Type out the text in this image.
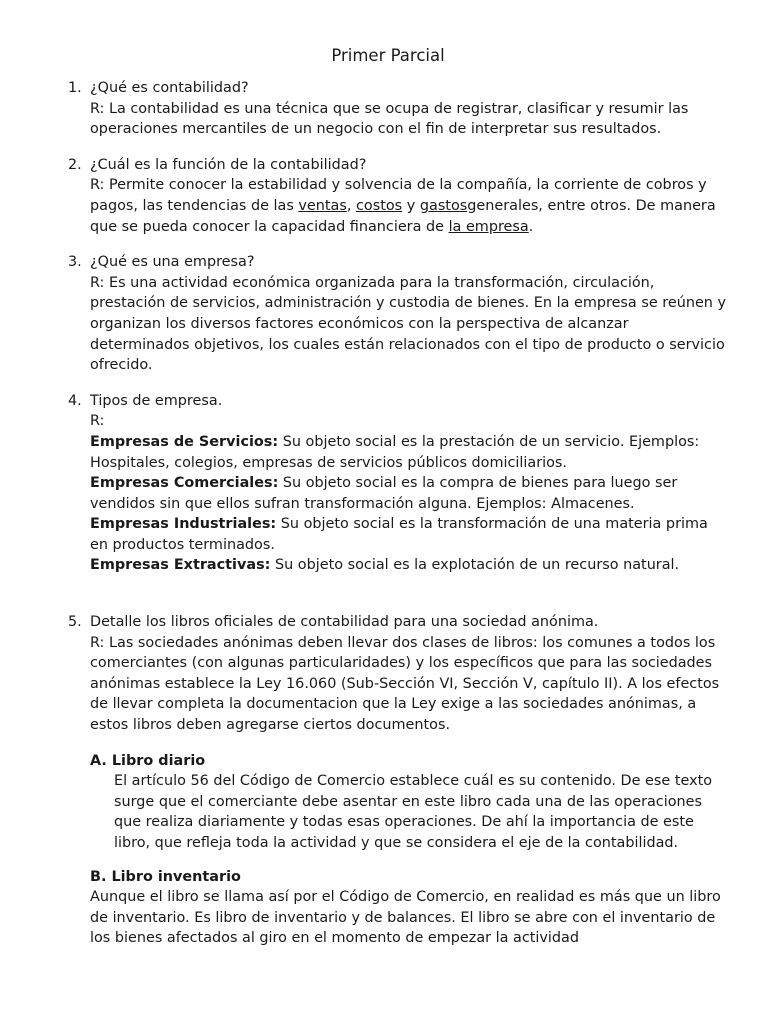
Primer Parcial
1. ¿Qué es contabilidad?

R: La contabilidad es una técnica que se ocupa de registrar, clasificar y resumir las operaciones mercantiles de un negocio con el fin de interpretar sus resultados.

2. ¿Cuál es la función de la contabilidad?

R: Permite conocer la estabilidad y solvencia de la compañía, la corriente de cobros y pagos, las tendencias de las ventas, costos y gastosgenerales, entre otros. De manera que se pueda conocer la capacidad financiera de la empresa.

3. ¿Qué es una empresa?

R: Es una actividad económica organizada para la transformación, circulación, prestación de servicios, administración y custodia de bienes. En la empresa se reúnen y organizan los diversos factores económicos con la perspectiva de alcanzar determinados objetivos, los cuales están relacionados con el tipo de producto o servicio ofrecido.

4. Tipos de empresa.

R:

Empresas de Servicios: Su objeto social es la prestación de un servicio. Ejemplos: Hospitales, colegios, empresas de servicios públicos domiciliarios.

Empresas Comerciales: Su objeto social es la compra de bienes para luego ser vendidos sin que ellos sufran transformación alguna. Ejemplos: Almacenes.

Empresas Industriales: Su objeto social es la transformación de una materia prima en productos terminados.

Empresas Extractivas: Su objeto social es la explotación de un recurso natural.

5. Detalle los libros oficiales de contabilidad para una sociedad anónima.

R: Las sociedades anónimas deben llevar dos clases de libros: los comunes a todos los comerciantes (con algunas particularidades) y los específicos que para las sociedades anónimas establece la Ley 16.060 (Sub-Sección VI, Sección V, capítulo II). A los efectos de llevar completa la documentacion que la Ley exige a las sociedades anónimas, a estos libros deben agregarse ciertos documentos.

A. Libro diario

El artículo 56 del Código de Comercio establece cuál es su contenido. De ese texto surge que el comerciante debe asentar en este libro cada una de las operaciones que realiza diariamente y todas esas operaciones. De ahí la importancia de este libro, que refleja toda la actividad y que se considera el eje de la contabilidad.

B. Libro inventario

Aunque el libro se llama así por el Código de Comercio, en realidad es más que un libro de inventario. Es libro de inventario y de balances. El libro se abre con el inventario de los bienes afectados al giro en el momento de empezar la actividad
